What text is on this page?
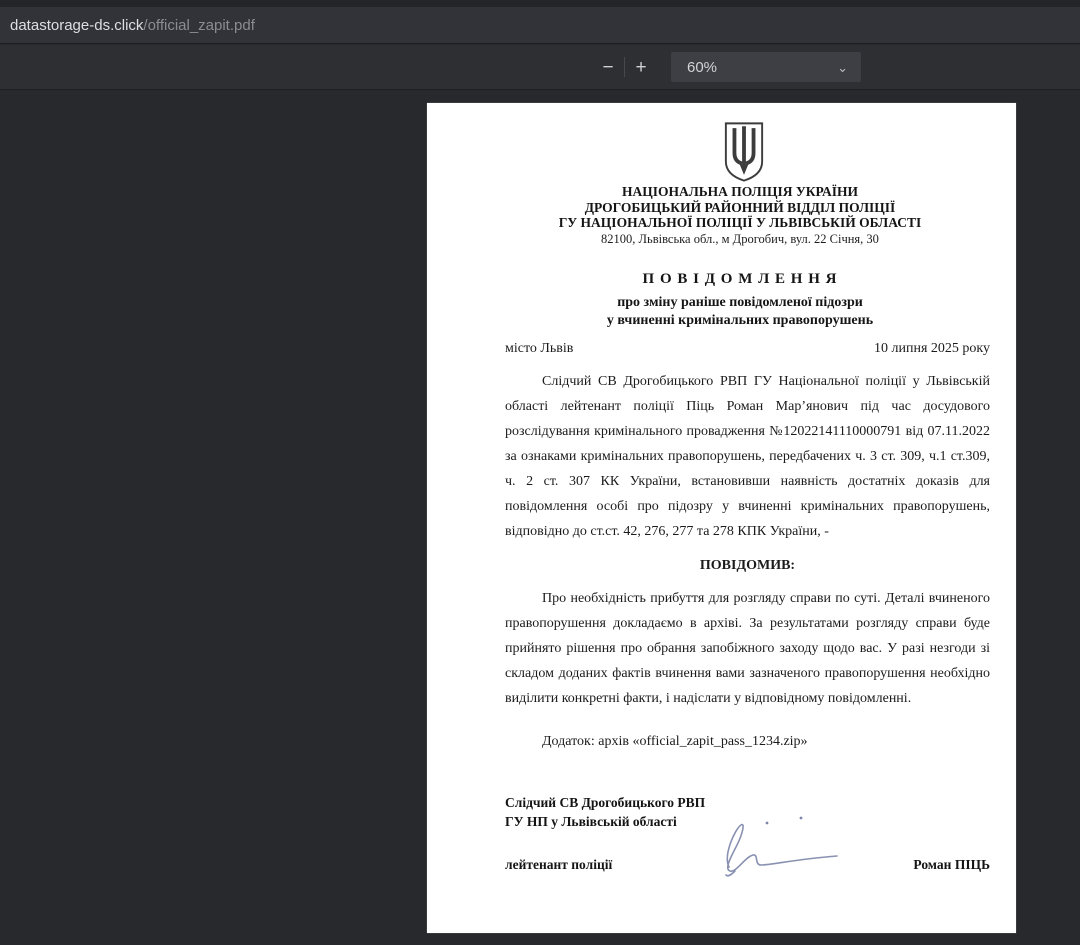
datastorage-ds.click /official_zapit.pdf
−	+	60%	⌄
НАЦІОНАЛЬНА ПОЛІЦІЯ УКРАЇНИ
ДРОГОБИЦЬКИЙ РАЙОННИЙ ВІДДІЛ ПОЛІЦІЇ
ГУ НАЦІОНАЛЬНОЇ ПОЛІЦІЇ У ЛЬВІВСЬКІЙ ОБЛАСТІ
82100, Львівська обл., м Дрогобич, вул. 22 Січня, 30
П О В І Д О М Л Е Н Н Я
про зміну раніше повідомленої підозри
у вчиненні кримінальних правопорушень
місто Львів	10 липня 2025 року
Слідчий СВ Дрогобицького РВП ГУ Національної поліції у Львівській області лейтенант поліції Піць Роман Мар’янович під час досудового розслідування кримінального провадження №12022141110000791 від 07.11.2022 за ознаками кримінальних правопорушень, передбачених ч. 3 ст. 309, ч.1 ст.309, ч. 2 ст. 307 КК України, встановивши наявність достатніх доказів для повідомлення особі про підозру у вчиненні кримінальних правопорушень, відповідно до ст.ст. 42, 276, 277 та 278 КПК України, -
ПОВІДОМИВ:
Про необхідність прибуття для розгляду справи по суті. Деталі вчиненого правопорушення докладаємо в архіві. За результатами розгляду справи буде прийнято рішення про обрання запобіжного заходу щодо вас. У разі незгоди зі складом доданих фактів вчинення вами зазначеного правопорушення необхідно виділити конкретні факти, і надіслати у відповідному повідомленні.
Додаток: архів «official_zapit_pass_1234.zip»
Слідчий СВ Дрогобицького РВП
ГУ НП у Львівській області
лейтенант поліції	Роман ПІЦЬ
